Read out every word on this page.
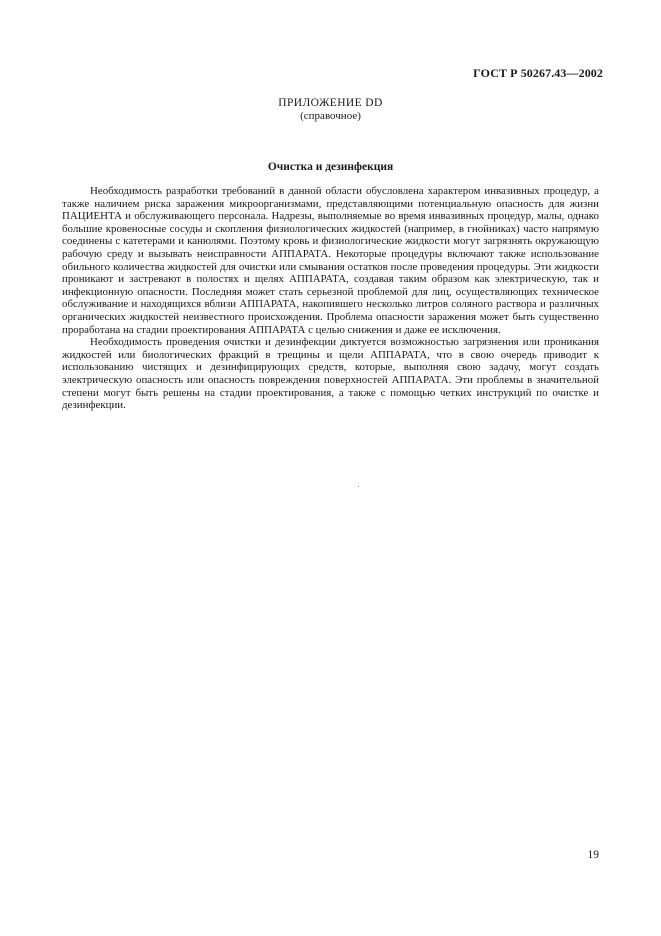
ГОСТ Р 50267.43—2002
ПРИЛОЖЕНИЕ DD
(справочное)
Очистка и дезинфекция

Необходимость разработки требований в данной области обусловлена характером инвазивных процедур, а также наличием риска заражения микроорганизмами, представляющими потенциальную опасность для жизни ПАЦИЕНТА и обслуживающего персонала. Надрезы, выполняемые во время инвазивных процедур, малы, однако большие кровеносные сосуды и скопления физиологических жидкостей (например, в гнойниках) часто напрямую соединены с катетерами и канюлями. Поэтому кровь и физиологические жидкости могут загрязнять окружающую рабочую среду и вызывать неисправности АППАРАТА. Некоторые процедуры включают также использование обильного количества жидкостей для очистки или смывания остатков после проведения процедуры. Эти жидкости проникают и застревают в полостях и щелях АППАРАТА, создавая таким образом как электрическую, так и инфекционную опасности. Последняя может стать серьезной проблемой для лиц, осуществляющих техническое обслуживание и находящихся вблизи АППАРАТА, накопившего несколько литров соляного раствора и различных органических жидкостей неизвестного происхождения. Проблема опасности заражения может быть существенно проработана на стадии проектирования АППАРАТА с целью снижения и даже ее исключения.

Необходимость проведения очистки и дезинфекции диктуется возможностью загрязнения или проникания жидкостей или биологических фракций в трещины и щели АППАРАТА, что в свою очередь приводит к использованию чистящих и дезинфицирующих средств, которые, выполняя свою задачу, могут создать электрическую опасность или опасность повреждения поверхностей АППАРАТА. Эти проблемы в значительной степени могут быть решены на стадии проектирования, а также с помощью четких инструкций по очистке и дезинфекции.

19
